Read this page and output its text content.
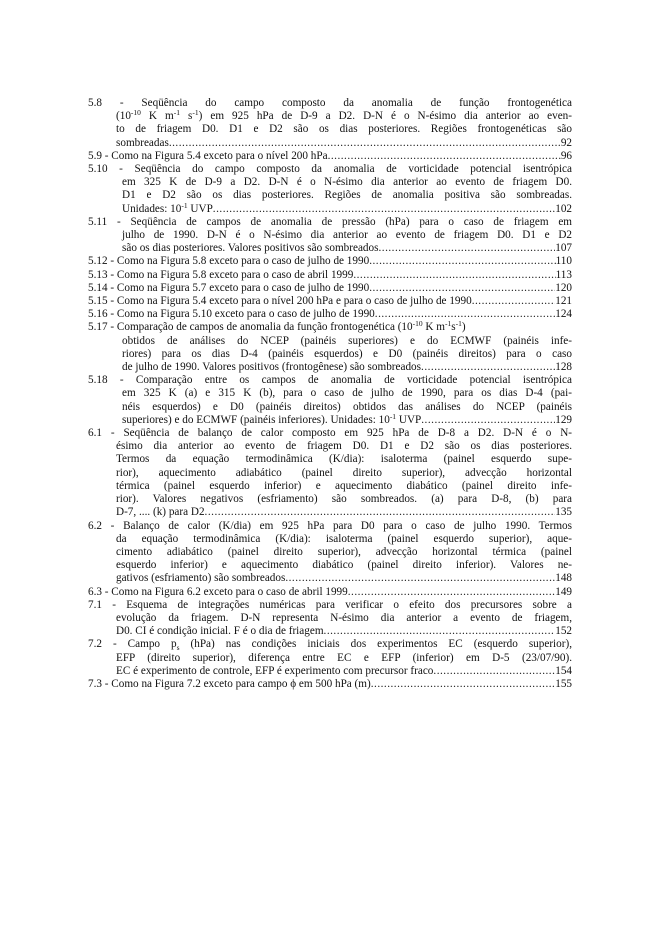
5.8 - Seqüência do campo composto da anomalia de função frontogenética
($10^{-10}$ K $m^{-1}$ $s^{-1}$) em 925 hPa de D-9 a D2. D-N é o N-ésimo dia anterior ao even-
to de friagem D0. D1 e D2 são os dias posteriores. Regiões frontogenéticas são
sombreadas .....	92
5.9 - Como na Figura 5.4 exceto para o nível 200 hPa .....	96
5.10 - Seqüência do campo composto da anomalia de vorticidade potencial isentrópica
em 325 K de D-9 a D2. D-N é o N-ésimo dia anterior ao evento de friagem D0.
D1 e D2 são os dias posteriores. Regiões de anomalia positiva são sombreadas.
Unidades: $10^{-1}$ UVP .....	102
5.11 - Seqüência de campos de anomalia de pressão (hPa) para o caso de friagem em
julho de 1990. D-N é o N-ésimo dia anterior ao evento de friagem D0. D1 e D2
são os dias posteriores. Valores positivos são sombreados .....	107
5.12 - Como na Figura 5.8 exceto para o caso de julho de 1990 .....	110
5.13 - Como na Figura 5.8 exceto para o caso de abril 1999 .....	113
5.14 - Como na Figura 5.7 exceto para o caso de julho de 1990 .....	120
5.15 - Como na Figura 5.4 exceto para o nível 200 hPa e para o caso de julho de 1990 .....	121
5.16 - Como na Figura 5.10 exceto para o caso de julho de 1990 .....	124
5.17 - Comparação de campos de anomalia da função frontogenética ($10^{-10}$ K $m^{-1}s^{-1}$)
obtidos de análises do NCEP (painéis superiores) e do ECMWF (painéis infe-
riores) para os dias D-4 (painéis esquerdos) e D0 (painéis direitos) para o caso
de julho de 1990. Valores positivos (frontogênese) são sombreados .....	128
5.18 - Comparação entre os campos de anomalia de vorticidade potencial isentrópica
em 325 K (a) e 315 K (b), para o caso de julho de 1990, para os dias D-4 (pai-
néis esquerdos) e D0 (painéis direitos) obtidos das análises do NCEP (painéis
superiores) e do ECMWF (painéis inferiores). Unidades: $10^{-1}$ UVP .....	129
6.1 - Seqüência de balanço de calor composto em 925 hPa de D-8 a D2. D-N é o N-
ésimo dia anterior ao evento de friagem D0. D1 e D2 são os dias posteriores.
Termos da equação termodinâmica (K/dia): isaloterma (painel esquerdo supe-
rior), aquecimento adiabático (painel direito superior), advecção horizontal
térmica (painel esquerdo inferior) e aquecimento diabático (painel direito infe-
rior). Valores negativos (esfriamento) são sombreados. (a) para D-8, (b) para
D-7, .... (k) para D2 .....	135
6.2 - Balanço de calor (K/dia) em 925 hPa para D0 para o caso de julho 1990. Termos
da equação termodinâmica (K/dia): isaloterma (painel esquerdo superior), aque-
cimento adiabático (painel direito superior), advecção horizontal térmica (painel
esquerdo inferior) e aquecimento diabático (painel direito inferior). Valores ne-
gativos (esfriamento) são sombreados .....	148
6.3 - Como na Figura 6.2 exceto para o caso de abril 1999 .....	149
7.1 - Esquema de integrações numéricas para verificar o efeito dos precursores sobre a
evolução da friagem. D-N representa N-ésimo dia anterior a evento de friagem,
D0. CI é condição inicial. F é o dia de friagem .....	152
7.2 - Campo $p_s$ (hPa) nas condições iniciais dos experimentos EC (esquerdo superior),
EFP (direito superior), diferença entre EC e EFP (inferior) em D-5 (23/07/90).
EC é experimento de controle, EFP é experimento com precursor fraco .....	154
7.3 - Como na Figura 7.2 exceto para campo ϕ em 500 hPa (m) .....	155
